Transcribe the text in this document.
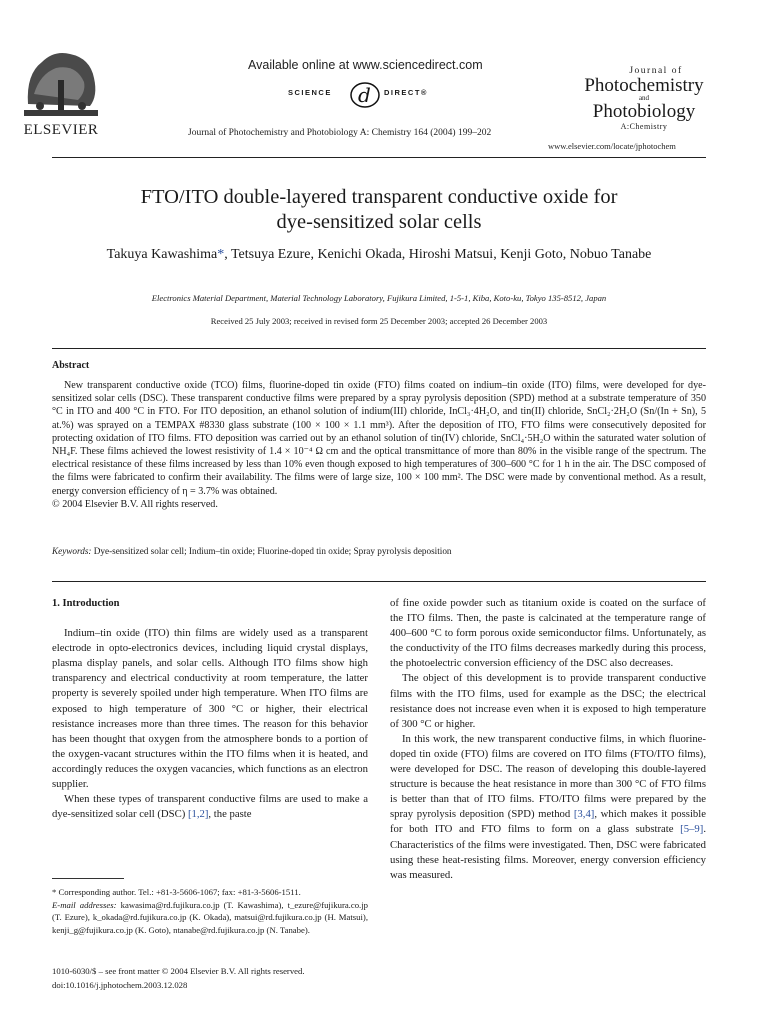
ELSEVIER
Available online at www.sciencedirect.com
SCIENCE d DIRECT®
Journal of Photochemistry and Photobiology A: Chemistry 164 (2004) 199–202
Journal of
Photochemistry
and
Photobiology
A:Chemistry
www.elsevier.com/locate/jphotochem
FTO/ITO double-layered transparent conductive oxide for
dye-sensitized solar cells
Takuya Kawashima*, Tetsuya Ezure, Kenichi Okada, Hiroshi Matsui, Kenji Goto, Nobuo Tanabe
Electronics Material Department, Material Technology Laboratory, Fujikura Limited, 1-5-1, Kiba, Koto-ku, Tokyo 135-8512, Japan
Received 25 July 2003; received in revised form 25 December 2003; accepted 26 December 2003
Abstract

New transparent conductive oxide (TCO) films, fluorine-doped tin oxide (FTO) films coated on indium–tin oxide (ITO) films, were developed for dye-sensitized solar cells (DSC). These transparent conductive films were prepared by a spray pyrolysis deposition (SPD) method at a substrate temperature of 350 °C in ITO and 400 °C in FTO. For ITO deposition, an ethanol solution of indium(III) chloride, InCl₃·4H₂O, and tin(II) chloride, SnCl₂·2H₂O (Sn/(In + Sn), 5 at.%) was sprayed on a TEMPAX #8330 glass substrate (100 × 100 × 1.1 mm³). After the deposition of ITO, FTO films were consecutively deposited for protecting oxidation of ITO films. FTO deposition was carried out by an ethanol solution of tin(IV) chloride, SnCl₄·5H₂O within the saturated water solution of NH₄F. These films achieved the lowest resistivity of 1.4 × 10⁻⁴ Ω cm and the optical transmittance of more than 80% in the visible range of the spectrum. The electrical resistance of these films increased by less than 10% even though exposed to high temperatures of 300–600 °C for 1 h in the air. The DSC composed of the films were fabricated to confirm their availability. The films were of large size, 100 × 100 mm². The DSC were made by conventional method. As a result, energy conversion efficiency of η = 3.7% was obtained.

© 2004 Elsevier B.V. All rights reserved.

Keywords: Dye-sensitized solar cell; Indium–tin oxide; Fluorine-doped tin oxide; Spray pyrolysis deposition
1. Introduction

Indium–tin oxide (ITO) thin films are widely used as a transparent electrode in opto-electronics devices, including liquid crystal displays, plasma display panels, and solar cells. Although ITO films show high transparency and electrical conductivity at room temperature, the latter property is severely spoiled under high temperature. When ITO films are exposed to high temperature of 300 °C or higher, their electrical resistance increases more than three times. The reason for this behavior has been thought that oxygen from the atmosphere bonds to a portion of the oxygen-vacant structures within the ITO films when it is heated, and accordingly reduces the oxygen vacancies, which functions as an electron supplier.

When these types of transparent conductive films are used to make a dye-sensitized solar cell (DSC) [1,2], the paste

* Corresponding author. Tel.: +81-3-5606-1067; fax: +81-3-5606-1511.

E-mail addresses: kawasima@rd.fujikura.co.jp (T. Kawashima), t_ezure@fujikura.co.jp (T. Ezure), k_okada@rd.fujikura.co.jp (K. Okada), matsui@rd.fujikura.co.jp (H. Matsui), kenji_g@fujikura.co.jp (K. Goto), ntanabe@rd.fujikura.co.jp (N. Tanabe).

1010-6030/$ – see front matter © 2004 Elsevier B.V. All rights reserved.

doi:10.1016/j.jphotochem.2003.12.028

of fine oxide powder such as titanium oxide is coated on the surface of the ITO films. Then, the paste is calcinated at the temperature range of 400–600 °C to form porous oxide semiconductor films. Unfortunately, as the conductivity of the ITO films decreases markedly during this process, the photoelectric conversion efficiency of the DSC also decreases.

The object of this development is to provide transparent conductive films with the ITO films, used for example as the DSC; the electrical resistance does not increase even when it is exposed to high temperature of 300 °C or higher.

In this work, the new transparent conductive films, in which fluorine-doped tin oxide (FTO) films are covered on ITO films (FTO/ITO films), were developed for DSC. The reason of developing this double-layered structure is because the heat resistance in more than 300 °C of FTO films is better than that of ITO films. FTO/ITO films were prepared by the spray pyrolysis deposition (SPD) method [3,4], which makes it possible for both ITO and FTO films to form on a glass substrate [5–9]. Characteristics of the films were investigated. Then, DSC were fabricated using these heat-resisting films. Moreover, energy conversion efficiency was measured.
